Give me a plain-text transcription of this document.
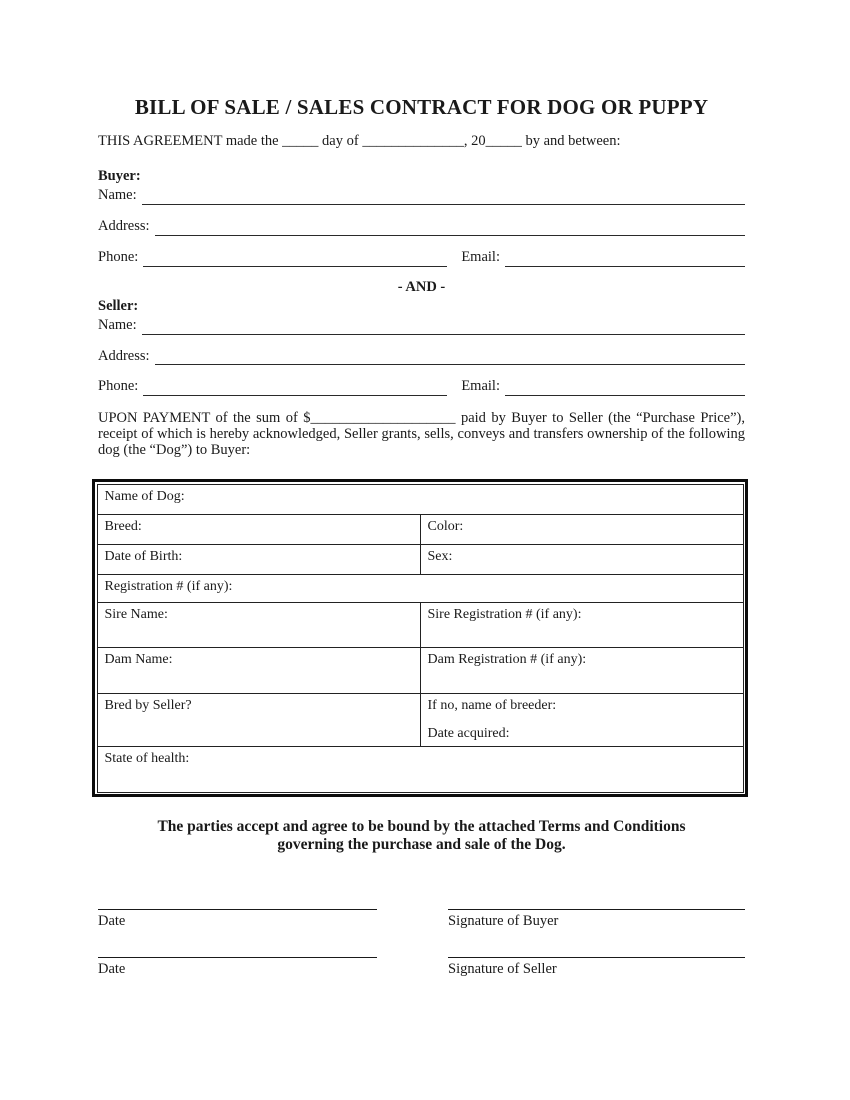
BILL OF SALE / SALES CONTRACT FOR DOG OR PUPPY

THIS AGREEMENT made the _____ day of ______________, 20_____ by and between:

Buyer:
Name:
Address:
Phone:	Email:
- AND -
Seller:
Name:
Address:
Phone:	Email:

UPON PAYMENT of the sum of $____________________ paid by Buyer to Seller (the “Purchase Price”), receipt of which is hereby acknowledged, Seller grants, sells, conveys and transfers ownership of the following dog (the “Dog”) to Buyer:

Name of Dog:	
Breed:	Color:
Date of Birth:	Sex:
Registration # (if any):	
Sire Name:	Sire Registration # (if any):
Dam Name:	Dam Registration # (if any):
Bred by Seller?	If no, name of breeder:
Date acquired:

State of health:	
The parties accept and agree to be bound by the attached Terms and Conditions
governing the purchase and sale of the Dog.
Date	Signature of Buyer
Date	Signature of Seller
